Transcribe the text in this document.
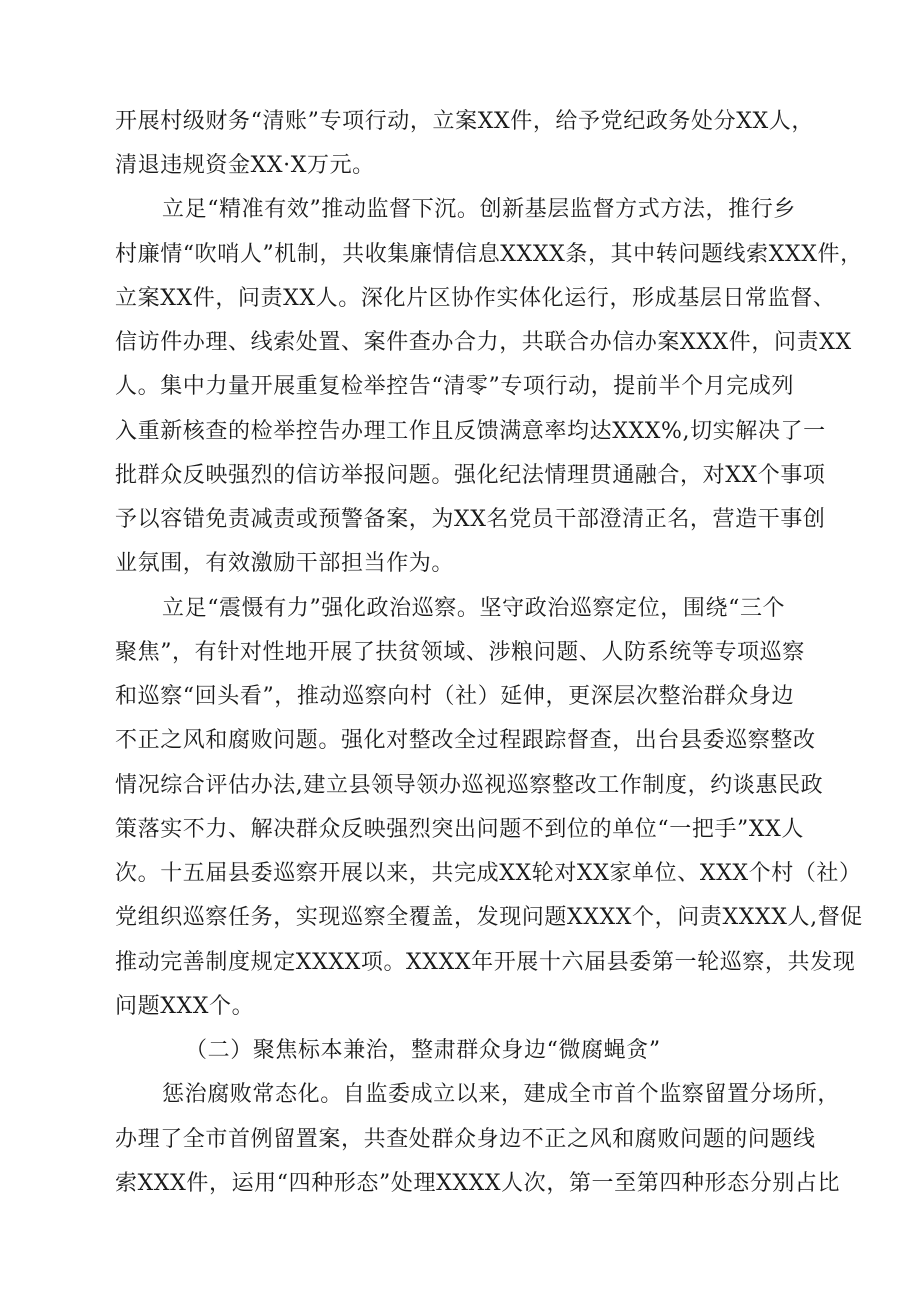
开展村级财务“清账”专项行动，立案XX件，给予党纪政务处分XX人，
清退违规资金XX·X万元。
立足“精准有效”推动监督下沉。创新基层监督方式方法，推行乡
村廉情“吹哨人”机制，共收集廉情信息XXXX条，其中转问题线索XXX件，
立案XX件，问责XX人。深化片区协作实体化运行，形成基层日常监督、
信访件办理、线索处置、案件查办合力，共联合办信办案XXX件，问责XX
人。集中力量开展重复检举控告“清零”专项行动，提前半个月完成列
入重新核查的检举控告办理工作且反馈满意率均达XXX%,切实解决了一
批群众反映强烈的信访举报问题。强化纪法情理贯通融合，对XX个事项
予以容错免责减责或预警备案，为XX名党员干部澄清正名，营造干事创
业氛围，有效激励干部担当作为。
立足“震慑有力”强化政治巡察。坚守政治巡察定位，围绕“三个
聚焦”，有针对性地开展了扶贫领域、涉粮问题、人防系统等专项巡察
和巡察“回头看”，推动巡察向村（社）延伸，更深层次整治群众身边
不正之风和腐败问题。强化对整改全过程跟踪督查，出台县委巡察整改
情况综合评估办法,建立县领导领办巡视巡察整改工作制度，约谈惠民政
策落实不力、解决群众反映强烈突出问题不到位的单位“一把手”XX人
次。十五届县委巡察开展以来，共完成XX轮对XX家单位、XXX个村（社）
党组织巡察任务，实现巡察全覆盖，发现问题XXXX个，问责XXXX人,督促
推动完善制度规定XXXX项。XXXX年开展十六届县委第一轮巡察，共发现
问题XXX个。
（二）聚焦标本兼治，整肃群众身边“微腐蝇贪”
惩治腐败常态化。自监委成立以来，建成全市首个监察留置分场所，
办理了全市首例留置案，共查处群众身边不正之风和腐败问题的问题线
索XXX件，运用“四种形态”处理XXXX人次，第一至第四种形态分别占比
